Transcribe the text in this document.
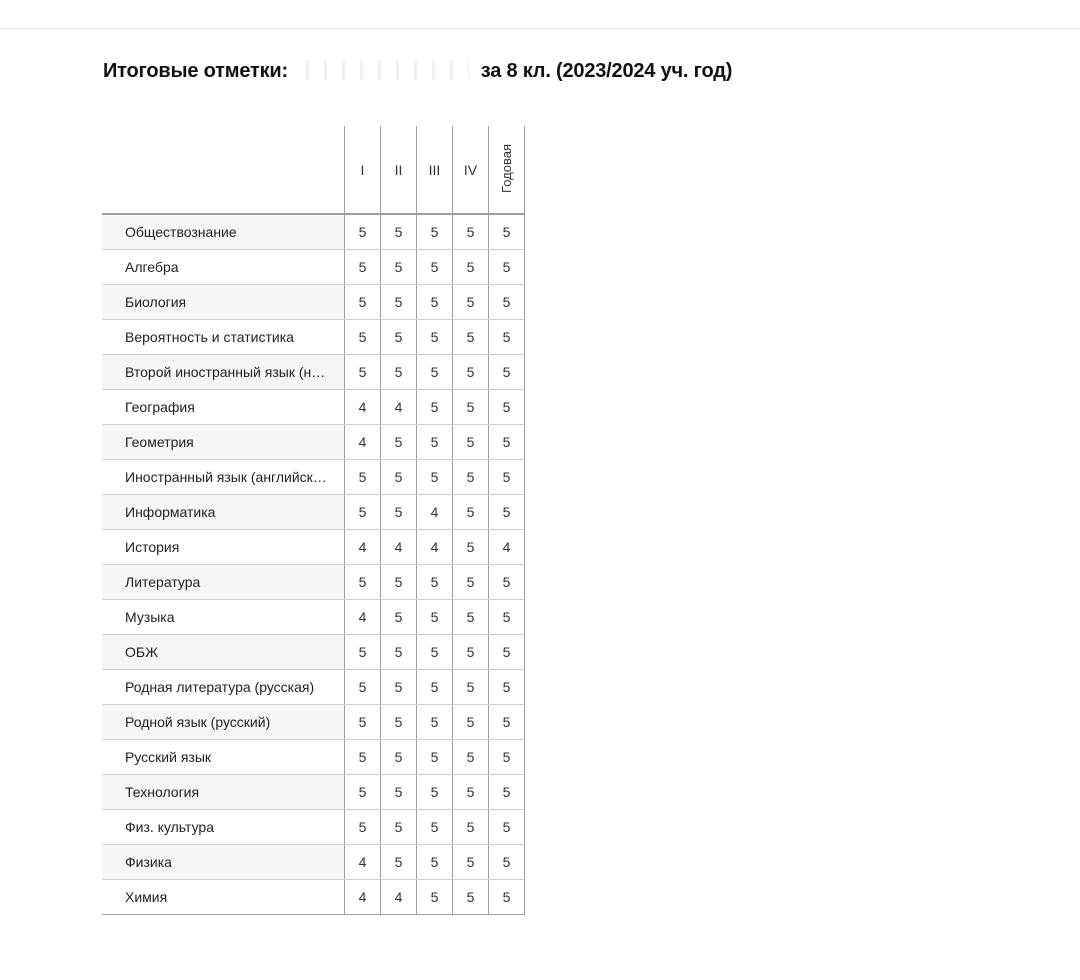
Итоговые отметки:	за 8 кл. (2023/2024 уч. год)
	I	II	III	IV	Годовая
Обществознание	5	5	5	5	5
Алгебра	5	5	5	5	5
Биология	5	5	5	5	5
Вероятность и статистика	5	5	5	5	5
Второй иностранный язык (н…	5	5	5	5	5
География	4	4	5	5	5
Геометрия	4	5	5	5	5
Иностранный язык (английск…	5	5	5	5	5
Информатика	5	5	4	5	5
История	4	4	4	5	4
Литература	5	5	5	5	5
Музыка	4	5	5	5	5
ОБЖ	5	5	5	5	5
Родная литература (русская)	5	5	5	5	5
Родной язык (русский)	5	5	5	5	5
Русский язык	5	5	5	5	5
Технология	5	5	5	5	5
Физ. культура	5	5	5	5	5
Физика	4	5	5	5	5
Химия	4	4	5	5	5
